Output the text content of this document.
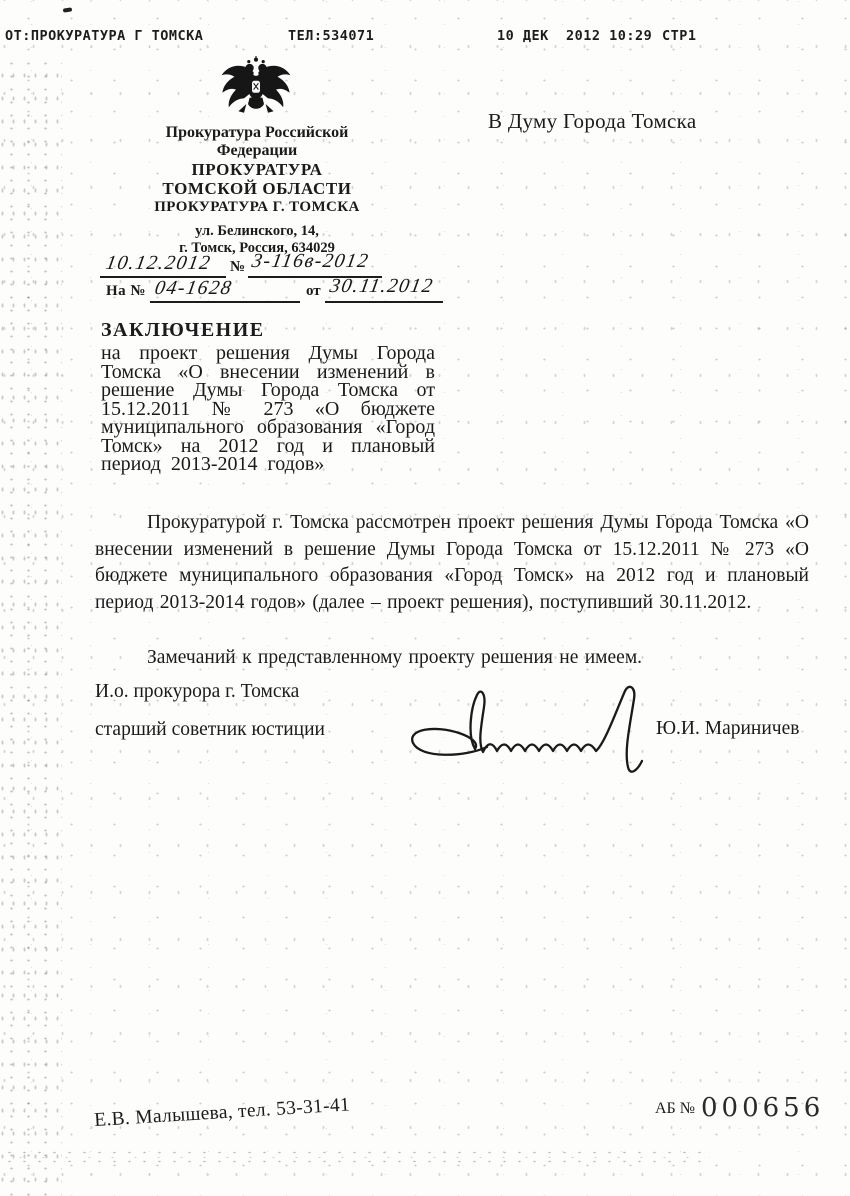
ОТ:ПРОКУРАТУРА Г ТОМСКА	ТЕЛ:534071	10 ДЕК  2012 10:29 СТР1
Прокуратура Российской Федерации
ПРОКУРАТУРА ТОМСКОЙ ОБЛАСТИ
ПРОКУРАТУРА Г. ТОМСКА
ул. Белинского, 14,
г. Томск, Россия, 634029
10.12.2012 № 3-116в-2012
На № 04-1628	от 30.11.2012
В Думу Города Томска
ЗАКЛЮЧЕНИЕ
на проект решения Думы Города Томска «О внесении изменений в решение Думы Города Томска от 15.12.2011 № 273 «О бюджете муниципального образования «Город Томск» на 2012 год и плановый период 2013-2014 годов»
Прокуратурой г. Томска рассмотрен проект решения Думы Города Томска «О внесении изменений в решение Думы Города Томска от 15.12.2011 № 273 «О бюджете муниципального образования «Город Томск» на 2012 год и плановый период 2013-2014 годов» (далее – проект решения), поступивший 30.11.2012.
Замечаний к представленному проекту решения не имеем.
И.о. прокурора г. Томска
старший советник юстиции	Ю.И. Мариничев
Е.В. Малышева, тел. 53-31-41	АБ № 000656
